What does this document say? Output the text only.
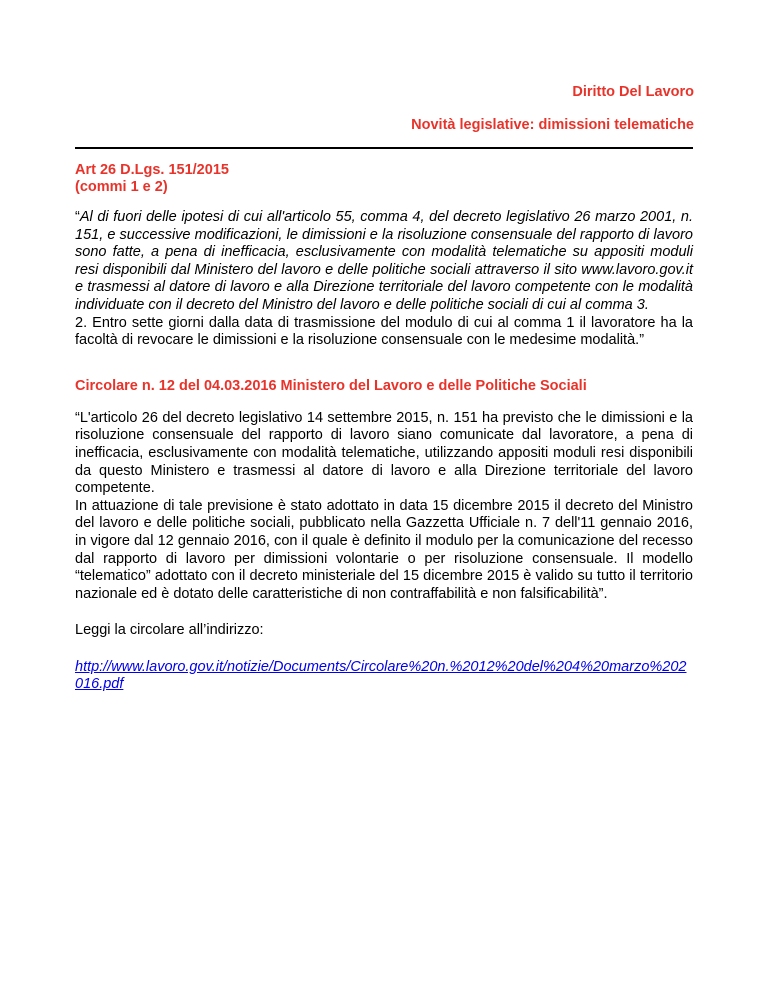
Diritto Del Lavoro
Novità legislative: dimissioni telematiche
Art 26 D.Lgs. 151/2015
(commi 1 e 2)

“Al di fuori delle ipotesi di cui all'articolo 55, comma 4, del decreto legislativo 26 marzo 2001, n. 151, e successive modificazioni, le dimissioni e la risoluzione consensuale del rapporto di lavoro sono fatte, a pena di inefficacia, esclusivamente con modalità telematiche su appositi moduli resi disponibili dal Ministero del lavoro e delle politiche sociali attraverso il sito www.lavoro.gov.it e trasmessi al datore di lavoro e alla Direzione territoriale del lavoro competente con le modalità individuate con il decreto del Ministro del lavoro e delle politiche sociali di cui al comma 3.

2. Entro sette giorni dalla data di trasmissione del modulo di cui al comma 1 il lavoratore ha la facoltà di revocare le dimissioni e la risoluzione consensuale con le medesime modalità.”

Circolare n. 12 del 04.03.2016 Ministero del Lavoro e delle Politiche Sociali

“L'articolo 26 del decreto legislativo 14 settembre 2015, n. 151 ha previsto che le dimissioni e la risoluzione consensuale del rapporto di lavoro siano comunicate dal lavoratore, a pena di inefficacia, esclusivamente con modalità telematiche, utilizzando appositi moduli resi disponibili da questo Ministero e trasmessi al datore di lavoro e alla Direzione territoriale del lavoro competente.

In attuazione di tale previsione è stato adottato in data 15 dicembre 2015 il decreto del Ministro del lavoro e delle politiche sociali, pubblicato nella Gazzetta Ufficiale n. 7 dell'11 gennaio 2016, in vigore dal 12 gennaio 2016, con il quale è definito il modulo per la comunicazione del recesso dal rapporto di lavoro per dimissioni volontarie o per risoluzione consensuale. Il modello “telematico” adottato con il decreto ministeriale del 15 dicembre 2015 è valido su tutto il territorio nazionale ed è dotato delle caratteristiche di non contraffabilità e non falsificabilità”.

Leggi la circolare all’indirizzo:

http://www.lavoro.gov.it/notizie/Documents/Circolare%20n.%2012%20del%204%20marzo%202016.pdf
